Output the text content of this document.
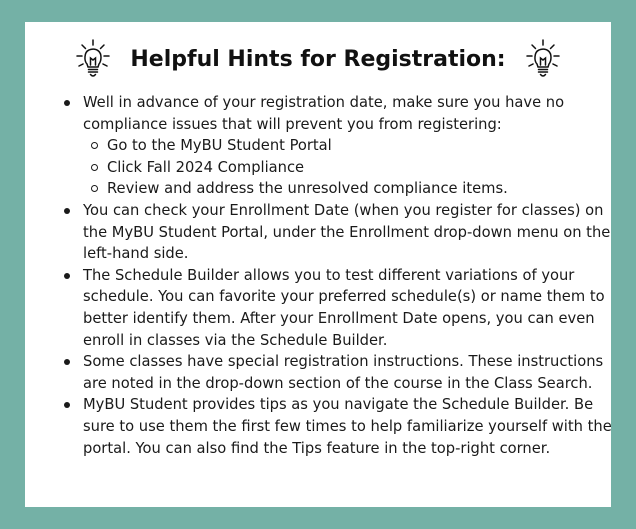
Helpful Hints for Registration:
Well in advance of your registration date, make sure you have no compliance issues that will prevent you from registering:
Go to the MyBU Student Portal
Click Fall 2024 Compliance
Review and address the unresolved compliance items.
You can check your Enrollment Date (when you register for classes) on the MyBU Student Portal, under the Enrollment drop-down menu on the left-hand side.
The Schedule Builder allows you to test different variations of your schedule. You can favorite your preferred schedule(s) or name them to better identify them. After your Enrollment Date opens, you can even enroll in classes via the Schedule Builder.
Some classes have special registration instructions. These instructions are noted in the drop-down section of the course in the Class Search.
MyBU Student provides tips as you navigate the Schedule Builder. Be sure to use them the first few times to help familiarize yourself with the portal. You can also find the Tips feature in the top-right corner.
